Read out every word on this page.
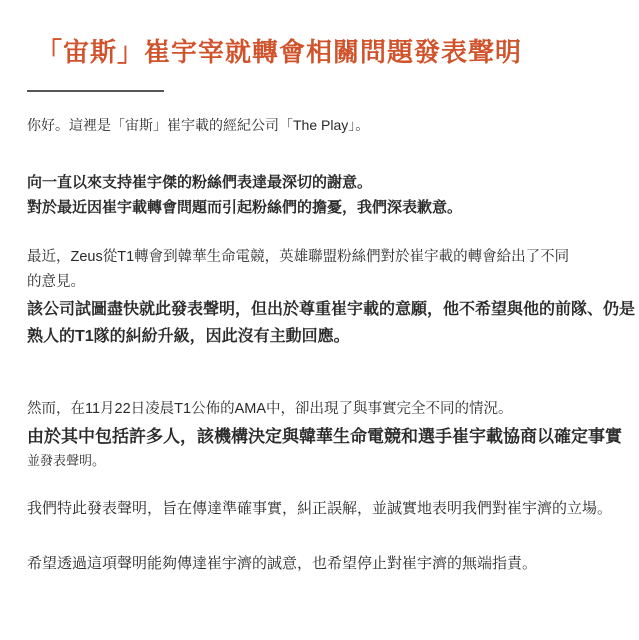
「宙斯」崔宇宰就轉會相關問題發表聲明

你好。這裡是「宙斯」崔宇載的經紀公司「The Play」。

向一直以來支持崔宇傑的粉絲們表達最深切的謝意。
對於最近因崔宇載轉會問題而引起粉絲們的擔憂，我們深表歉意。

最近，Zeus從T1轉會到韓華生命電競，英雄聯盟粉絲們對於崔宇載的轉會給出了不同
的意見。

該公司試圖盡快就此發表聲明，但出於尊重崔宇載的意願，他不希望與他的前隊、仍是
熟人的T1隊的糾紛升級，因此沒有主動回應。

然而，在11月22日凌晨T1公佈的AMA中，卻出現了與事實完全不同的情況。

由於其中包括許多人，該機構決定與韓華生命電競和選手崔宇載協商以確定事實
並發表聲明。

我們特此發表聲明，旨在傳達準確事實，糾正誤解，並誠實地表明我們對崔宇濟的立場。

希望透過這項聲明能夠傳達崔宇濟的誠意，也希望停止對崔宇濟的無端指責。
